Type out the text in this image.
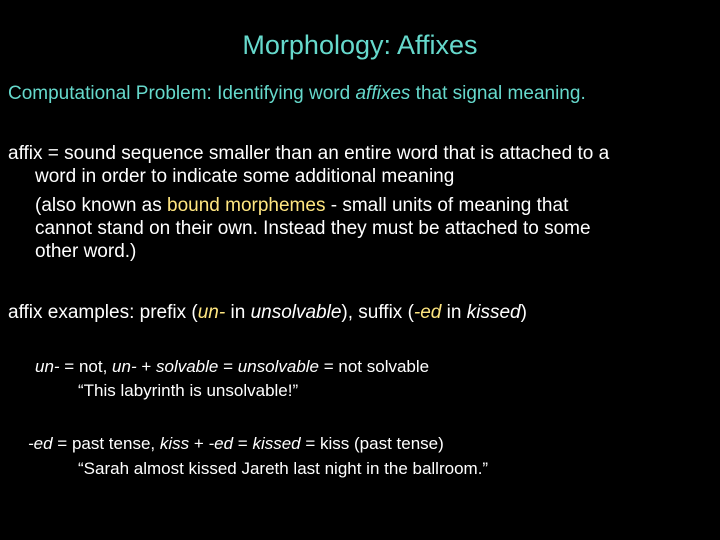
Morphology: Affixes
Computational Problem: Identifying word affixes that signal meaning.
affix = sound sequence smaller than an entire word that is attached to a
word in order to indicate some additional meaning
(also known as bound morphemes - small units of meaning that
cannot stand on their own. Instead they must be attached to some
other word.)
affix examples: prefix (un- in unsolvable), suffix (-ed in kissed)
un- = not, un- + solvable = unsolvable = not solvable
“This labyrinth is unsolvable!”
-ed = past tense, kiss + -ed = kissed = kiss (past tense)
“Sarah almost kissed Jareth last night in the ballroom.”
